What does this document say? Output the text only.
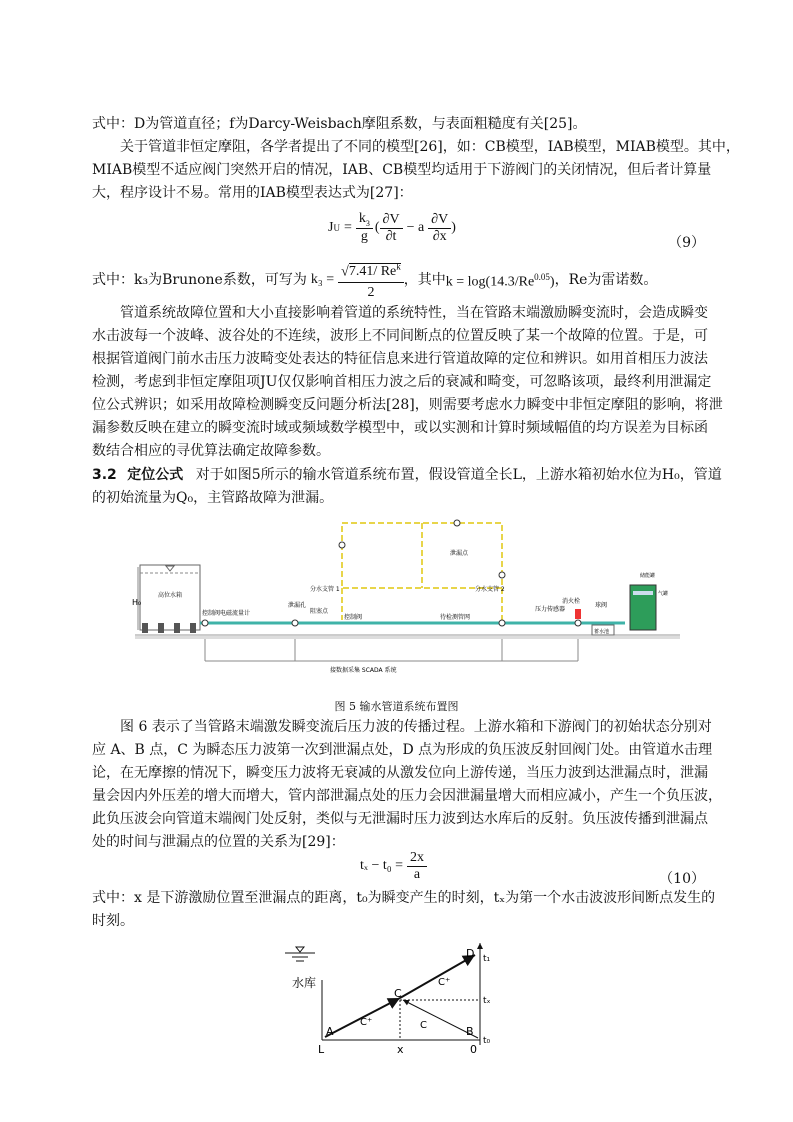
式中：D为管道直径；f为Darcy-Weisbach摩阻系数，与表面粗糙度有关[25]。
关于管道非恒定摩阻，各学者提出了不同的模型[26]，如：CB模型，IAB模型，MIAB模型。其中，
MIAB模型不适应阀门突然开启的情况，IAB、CB模型均适用于下游阀门的关闭情况，但后者计算量
大，程序设计不易。常用的IAB模型表达式为[27]：
J $U = \frac{k_3}{g}$ ( $\frac{\partial V}{\partial t} - a \frac{\partial V}{\partial x}$ )
（9）
式中：k₃为Brunone系数，可写为 $k_3 = \frac{√7.41/ Re^k}{2}$ ，其中 $k = \log(14.3/Re^{0.05})$ ，Re为雷诺数。
管道系统故障位置和大小直接影响着管道的系统特性，当在管路末端激励瞬变流时，会造成瞬变
水击波每一个波峰、波谷处的不连续，波形上不同间断点的位置反映了某一个故障的位置。于是，可
根据管道阀门前水击压力波畸变处表达的特征信息来进行管道故障的定位和辨识。如用首相压力波法
检测，考虑到非恒定摩阻项JU仅仅影响首相压力波之后的衰减和畸变，可忽略该项，最终利用泄漏定
位公式辨识；如采用故障检测瞬变反问题分析法[28]，则需要考虑水力瞬变中非恒定摩阻的影响，将泄
漏参数反映在建立的瞬变流时域或频域数学模型中，或以实测和计算时频域幅值的均方误差为目标函
数结合相应的寻优算法确定故障参数。
3.2 定位公式 对于如图5所示的输水管道系统布置，假设管道全长L，上游水箱初始水位为H₀，管道
的初始流量为Q₀，主管路故障为泄漏。
高位水箱
H₀
泄漏点
分水支管 1	分水支管 2
控制阀电磁流量计
泄漏孔
阻塞点
控制阀	待检测管网
压力传感器
消火栓
球阀
蓄水池
储能罐
气罐
接数据采集 SCADA 系统
图 5 输水管道系统布置图
图 6 表示了当管路末端激发瞬变流后压力波的传播过程。上游水箱和下游阀门的初始状态分别对
应 A、B 点，C 为瞬态压力波第一次到泄漏点处，D 点为形成的负压波反射回阀门处。由管道水击理
论，在无摩擦的情况下，瞬变压力波将无衰减的从激发位向上游传递，当压力波到达泄漏点时，泄漏
量会因内外压差的增大而增大，管内部泄漏点处的压力会因泄漏量增大而相应减小，产生一个负压波，
此负压波会向管道末端阀门处反射，类似与无泄漏时压力波到达水库后的反射。负压波传播到泄漏点
处的时间与泄漏点的位置的关系为[29]：
$t_x - t_0 = \frac{2x}{a}$	（10）
式中：x 是下游激励位置至泄漏点的距离，t₀为瞬变产生的时刻，tₓ为第一个水击波波形间断点发生的
时刻。
水库
A	B
C
D
L	x	0
t₀
tₓ
t₁
C⁺
C⁺
C
